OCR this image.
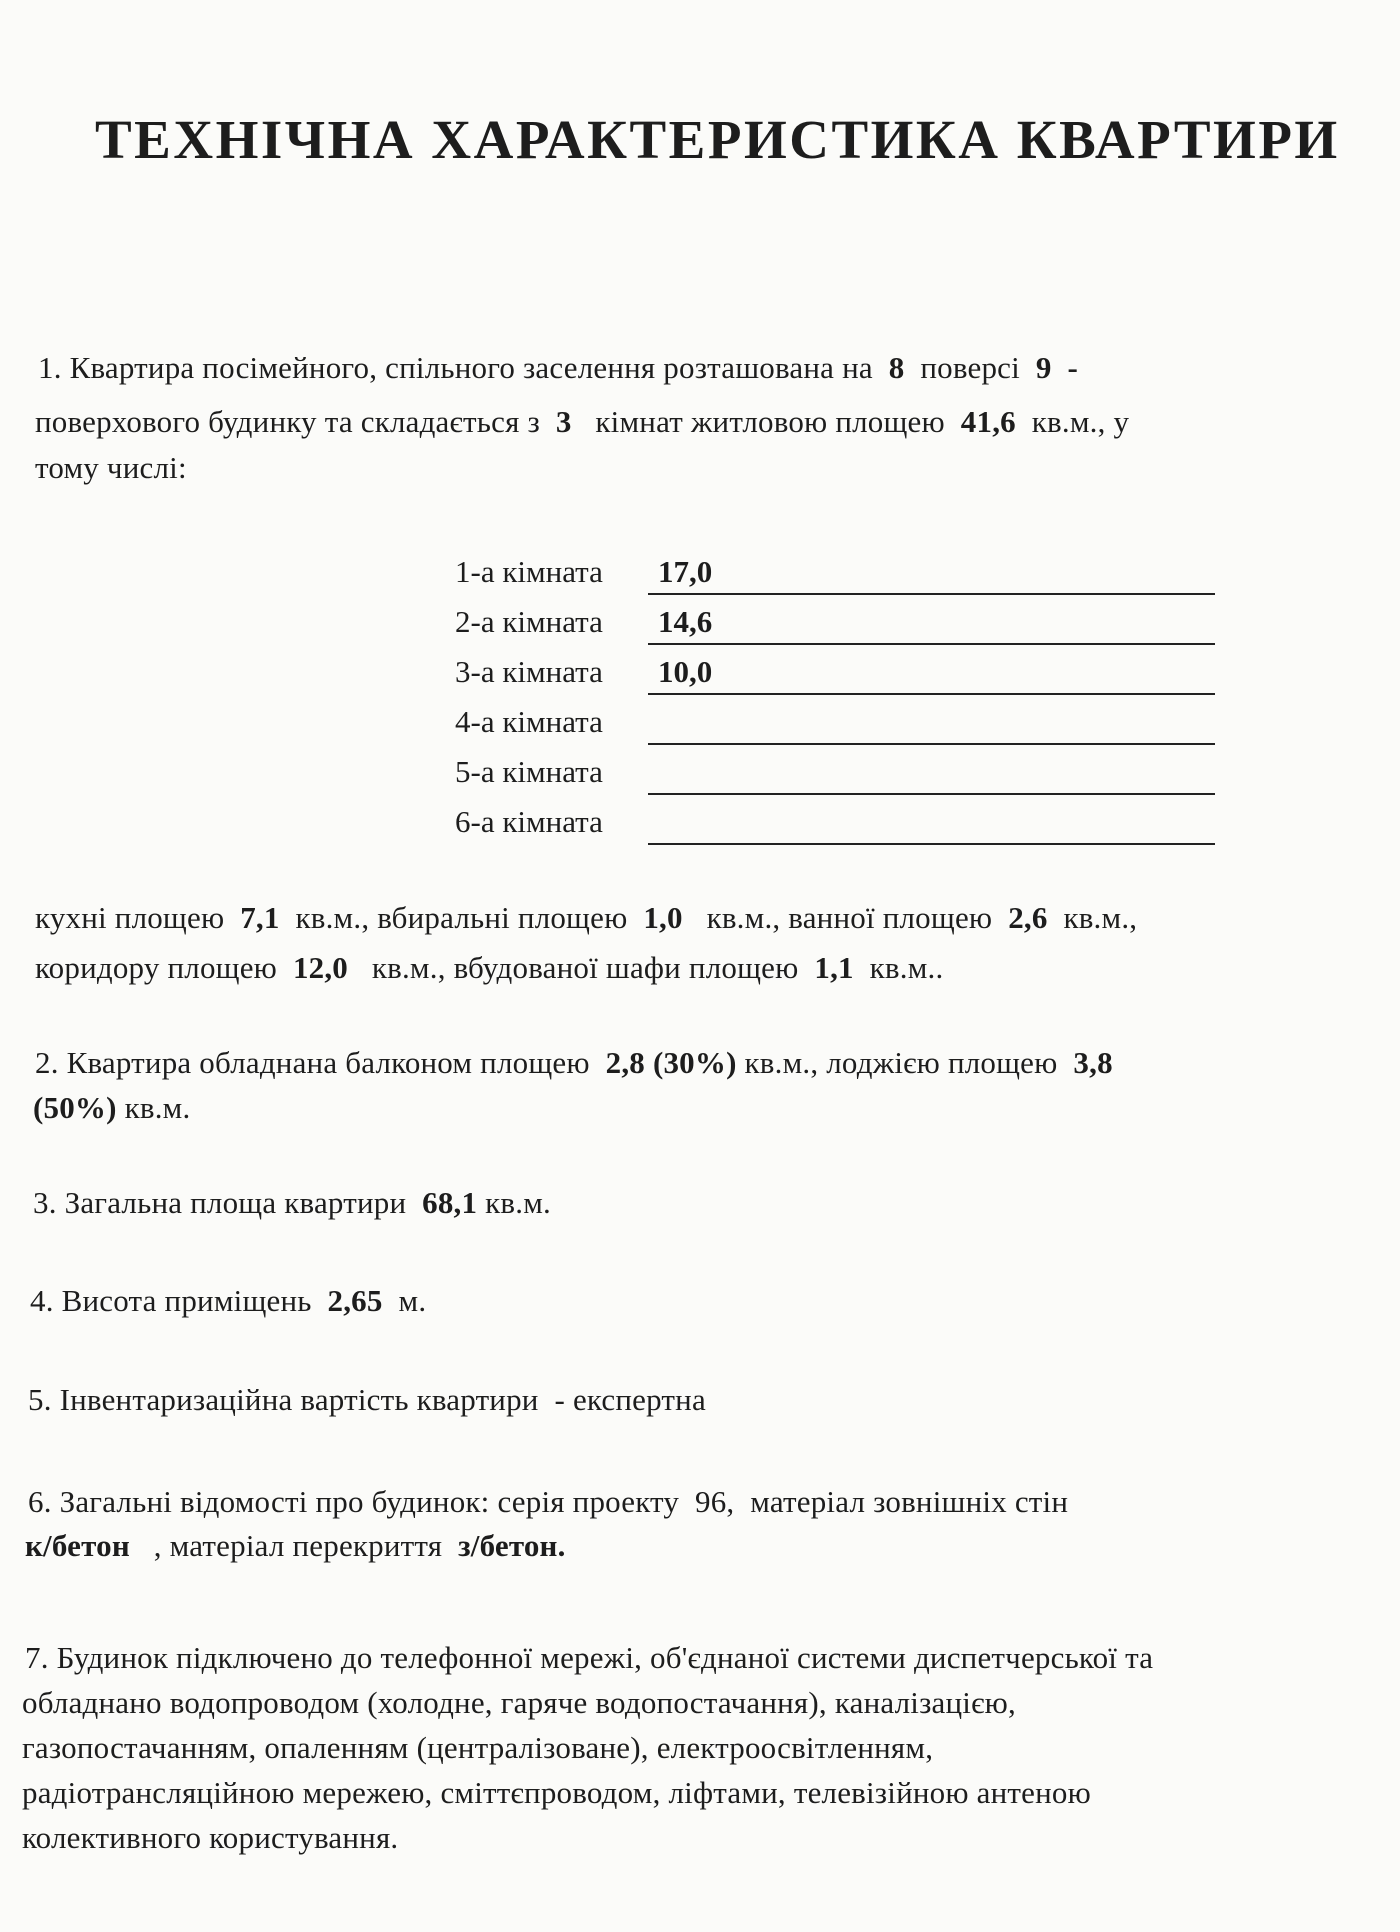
ТЕХНІЧНА ХАРАКТЕРИСТИКА КВАРТИРИ
1. Квартира посімейного, спільного заселення розташована на 8 поверсі 9 -
поверхового будинку та складається з 3 кімнат житловою площею 41,6 кв.м., у
тому числі:
1-а кімната 17,0
2-а кімната 14,6
3-а кімната 10,0
4-а кімната
5-а кімната
6-а кімната
кухні площею 7,1 кв.м., вбиральні площею 1,0 кв.м., ванної площею 2,6 кв.м.,
коридору площею 12,0 кв.м., вбудованої шафи площею 1,1 кв.м..
2. Квартира обладнана балконом площею 2,8 (30%) кв.м., лоджією площею 3,8
(50%) кв.м.
3. Загальна площа квартири 68,1 кв.м.
4. Висота приміщень 2,65 м.
5. Інвентаризаційна вартість квартири - експертна
6. Загальні відомості про будинок: серія проекту 96, матеріал зовнішніх стін
к/бетон , матеріал перекриття з/бетон.
7. Будинок підключено до телефонної мережі, об'єднаної системи диспетчерської та
обладнано водопроводом (холодне, гаряче водопостачання), каналізацією,
газопостачанням, опаленням (централізоване), електроосвітленням,
радіотрансляційною мережею, сміттєпроводом, ліфтами, телевізійною антеною
колективного користування.
